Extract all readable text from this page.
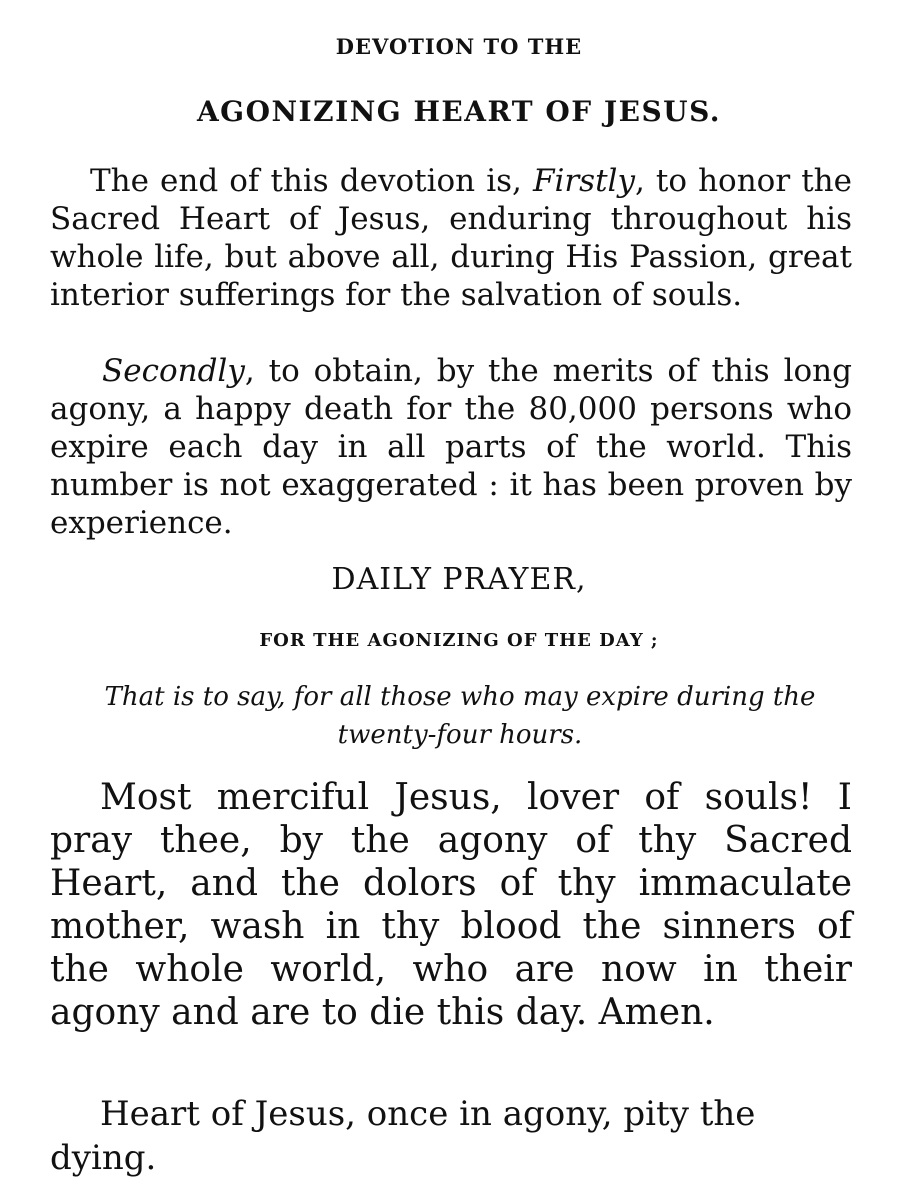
DEVOTION TO THE
AGONIZING HEART OF JESUS.

The end of this devotion is, Firstly, to honor the Sacred Heart of Jesus, enduring throughout his whole life, but above all, during His Passion, great interior sufferings for the salvation of souls.

Secondly, to obtain, by the merits of this long agony, a happy death for the 80,000 persons who expire each day in all parts of the world. This number is not exaggerated : it has been proven by experience.

DAILY PRAYER,
FOR THE AGONIZING OF THE DAY ;
That is to say, for all those who may expire during the twenty-four hours.

Most merciful Jesus, lover of souls! I pray thee, by the agony of thy Sacred Heart, and the dolors of thy immaculate mother, wash in thy blood the sinners of the whole world, who are now in their agony and are to die this day. Amen.

Heart of Jesus, once in agony, pity the dying.
